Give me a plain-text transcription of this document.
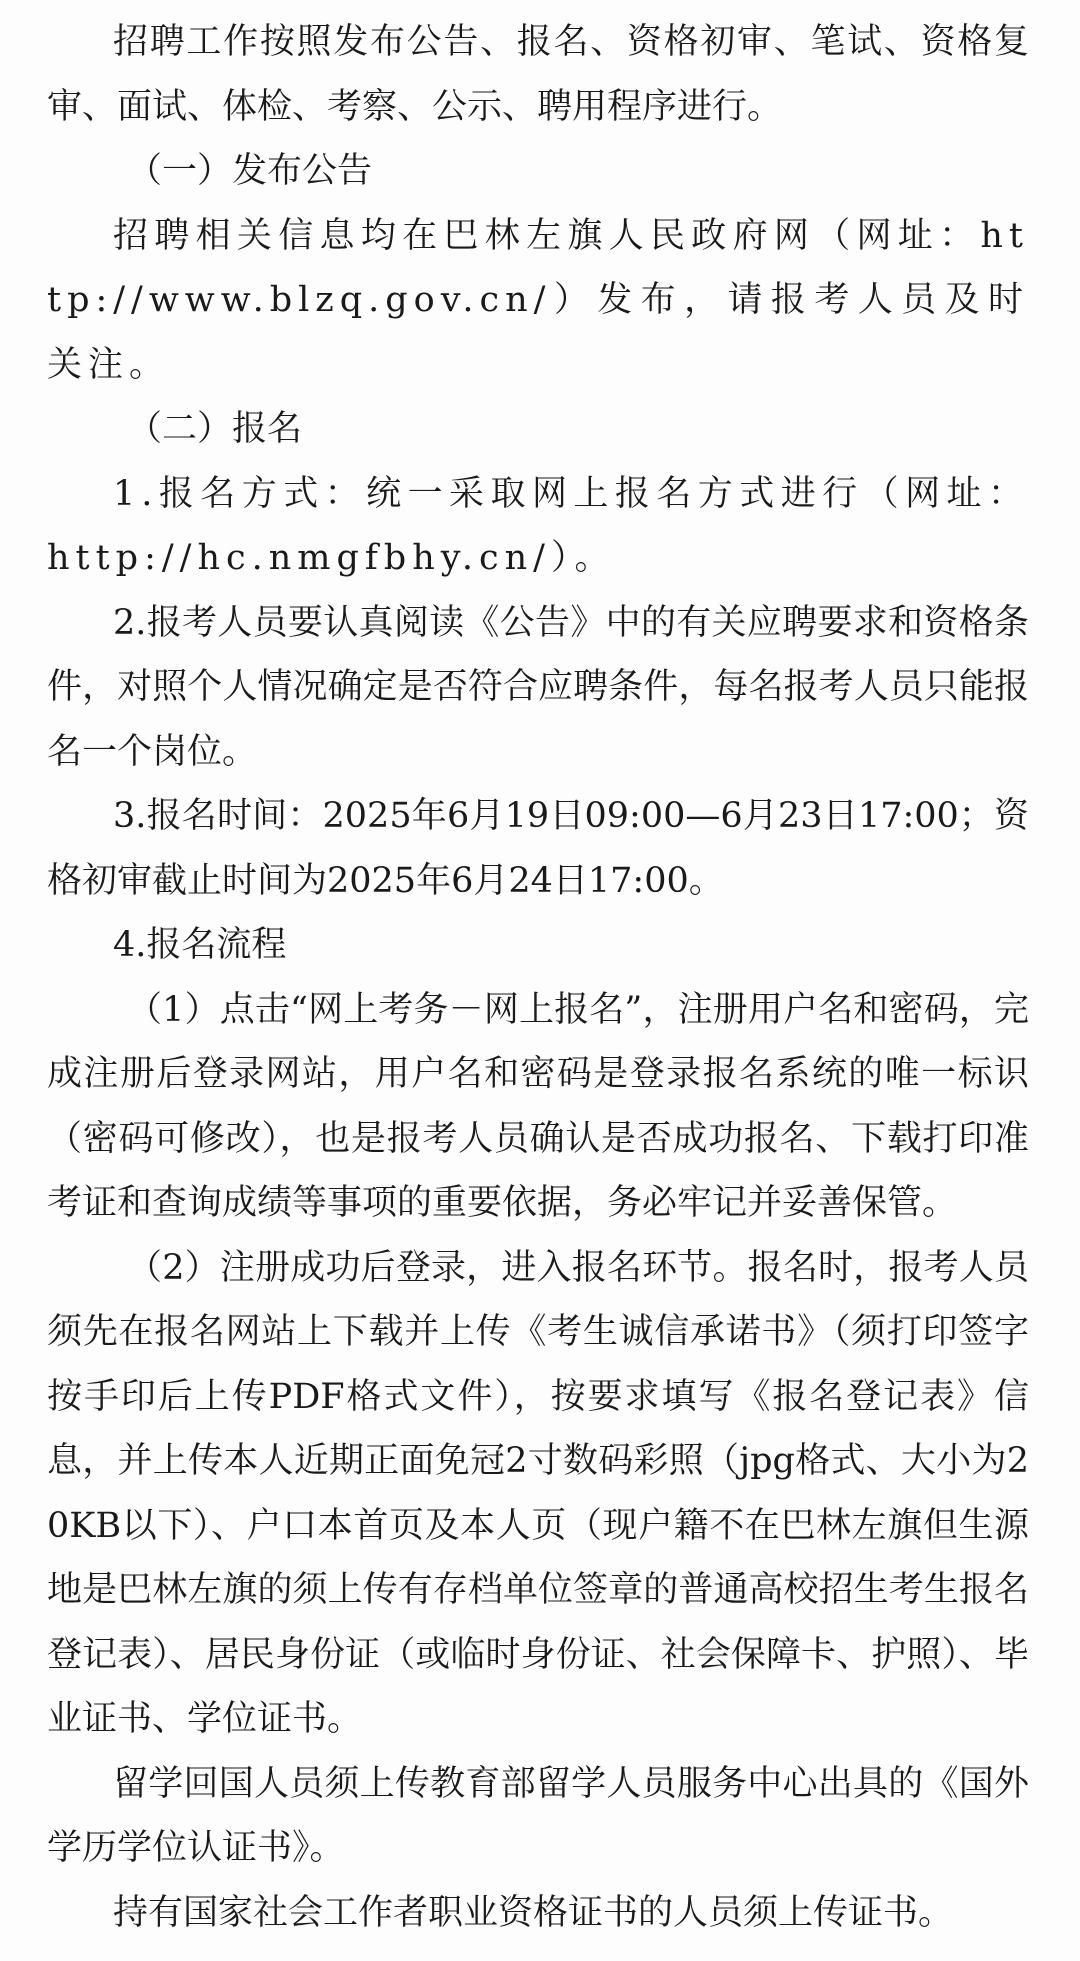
招聘工作按照发布公告、报名、资格初审、笔试、资格复审、面试、体检、考察、公示、聘用程序进行。

（一）发布公告

招聘相关信息均在巴林左旗人民政府网（网址：http://www.blzq.gov.cn/）发布，请报考人员及时关注。

（二）报名

1.报名方式：统一采取网上报名方式进行（网址：http://hc.nmgfbhy.cn/）。

2.报考人员要认真阅读《公告》中的有关应聘要求和资格条件，对照个人情况确定是否符合应聘条件，每名报考人员只能报名一个岗位。

3.报名时间：2025年6月19日09:00—6月23日17:00；资格初审截止时间为2025年6月24日17:00。

4.报名流程

（1）点击“网上考务－网上报名”，注册用户名和密码，完成注册后登录网站，用户名和密码是登录报名系统的唯一标识（密码可修改），也是报考人员确认是否成功报名、下载打印准考证和查询成绩等事项的重要依据，务必牢记并妥善保管。

（2）注册成功后登录，进入报名环节。报名时，报考人员须先在报名网站上下载并上传《考生诚信承诺书》（须打印签字按手印后上传PDF格式文件），按要求填写《报名登记表》信息，并上传本人近期正面免冠2寸数码彩照（jpg格式、大小为20KB以下）、户口本首页及本人页（现户籍不在巴林左旗但生源地是巴林左旗的须上传有存档单位签章的普通高校招生考生报名登记表）、居民身份证（或临时身份证、社会保障卡、护照）、毕业证书、学位证书。

留学回国人员须上传教育部留学人员服务中心出具的《国外学历学位认证书》。

持有国家社会工作者职业资格证书的人员须上传证书。
